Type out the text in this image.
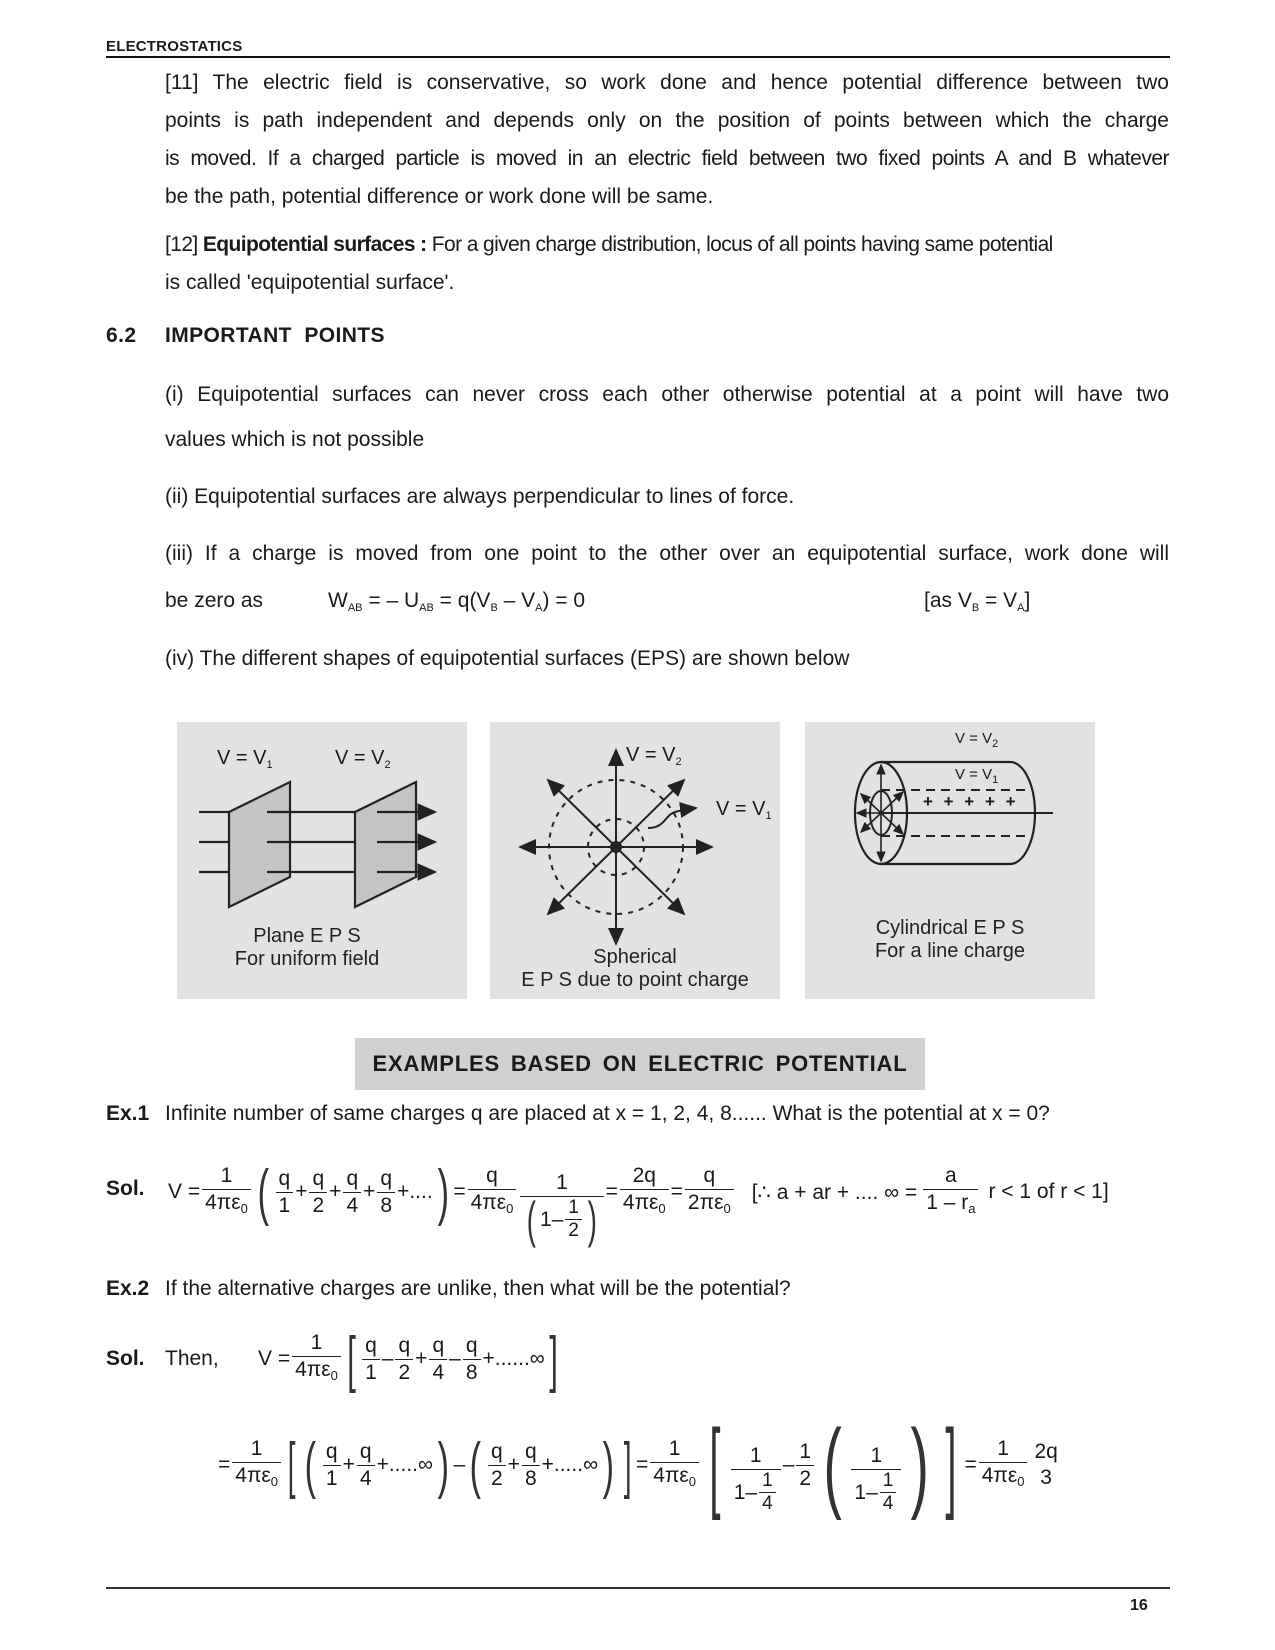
ELECTROSTATICS
[11] The electric field is conservative, so work done and hence potential difference between two
points is path independent and depends only on the position of points between which the charge
is moved. If a charged particle is moved in an electric field between two fixed points A and B whatever
be the path, potential difference or work done will be same.
[12] Equipotential surfaces : For a given charge distribution, locus of all points having same potential
is called 'equipotential surface'.
6.2 IMPORTANT  POINTS
(i) Equipotential surfaces can never cross each other otherwise potential at a point will have two
values which is not possible
(ii) Equipotential surfaces are always perpendicular to lines of force.
(iii) If a charge is moved from one point to the other over an equipotential surface, work done will
be zero as	$W_{AB}$ = – $U_{AB} = q(V_B - V_A) = 0$	[as $V_B = V_A$]
(iv) The different shapes of equipotential surfaces (EPS) are shown below
$V = V_1$	$V = V_2$
Plane E P S
For uniform field
$V = V_2$
$V = V_1$
Spherical
E P S due to point charge
$V = V_2$
$V = V_1$
+ + + + +
Cylindrical E P S
For a line charge
EXAMPLES BASED ON ELECTRIC POTENTIAL
Ex.1 Infinite number of same charges q are placed at x = 1, 2, 4, 8...... What is the potential at x = 0?
Sol. $V = \frac{1}{4\pi\varepsilon 0}$ ( $\frac{q}{1} + \frac{q}{2} + \frac{q}{4} + \frac{q}{8}$ + .... ) = $\frac{q}{4\pi\varepsilon 0} \frac{1}{( 1- \frac{1}{2} )} = \frac{2q}{4\pi\varepsilon 0} = \frac{q}{2\pi\varepsilon 0}$ [∴ a + ar + .... ∞ = $\frac{a}{1 - ra}$ r < 1 of r < 1]
Ex.2 If the alternative charges are unlike, then what will be the potential?
Sol. Then, $V = \frac{1}{4\pi\varepsilon 0}$ [ $\frac{q}{1} - \frac{q}{2} + \frac{q}{4} - \frac{q}{8}$ + ......∞ ]
= $\frac{1}{4\pi\varepsilon 0}$ [ ( $\frac{q}{1} + \frac{q}{4}$ + .....∞ ) – ( $\frac{q}{2} + \frac{q}{8}$ + .....∞ ) ] = $\frac{1}{4\pi\varepsilon 0}$ [ $\frac{1}{1- \frac{1}{4}} - \frac{1}{2}$ ( $\frac{1}{1- \frac{1}{4}}$ ) ] = $\frac{1}{4\pi\varepsilon 0} 2q$
3
16
